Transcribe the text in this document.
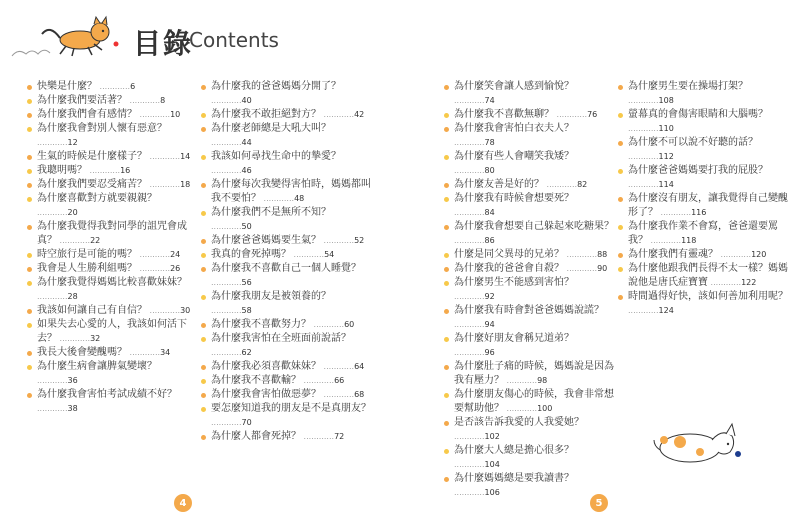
目錄
Contents
快樂是什麼？ ............6
為什麼我們要活著？ ............8
為什麼我們會有感情？ ............10
為什麼我會對別人懷有惡意？ ............12
生氣的時候是什麼樣子？ ............14
我聰明嗎？ ............16
為什麼我們要忍受痛苦？ ............18
為什麼喜歡對方就要親親？ ............20
為什麼我覺得我對同學的詛咒會成真？ ............22
時空旅行是可能的嗎？ ............24
我會是人生勝利組嗎？ ............26
為什麼我覺得媽媽比較喜歡妹妹？ ............28
我該如何讓自己有自信？ ............30
如果失去心愛的人，我該如何活下去？ ............32
我長大後會變醜嗎？ ............34
為什麼生病會讓脾氣變壞？ ............36
為什麼我會害怕考試成績不好？ ............38
為什麼我的爸爸媽媽分開了？ ............40
為什麼我不敢拒絕對方？ ............42
為什麼老師總是大吼大叫？ ............44
我該如何尋找生命中的摯愛？ ............46
為什麼每次我變得害怕時，媽媽都叫我不要怕？ ............48
為什麼我們不是無所不知？ ............50
為什麼爸爸媽媽要生氣？ ............52
我真的會死掉嗎？ ............54
為什麼我不喜歡自己一個人睡覺？ ............56
為什麼我朋友是被領養的？ ............58
為什麼我不喜歡努力？ ............60
為什麼我害怕在全班面前說話？ ............62
為什麼我必須喜歡妹妹？ ............64
為什麼我不喜歡輸？ ............66
為什麼我會害怕做惡夢？ ............68
要怎麼知道我的朋友是不是真朋友？ ............70
為什麼人都會死掉？ ............72
為什麼笑會讓人感到愉悅？ ............74
為什麼我不喜歡無聊？ ............76
為什麼我會害怕白衣夫人？ ............78
為什麼有些人會嘲笑我矮？ ............80
為什麼友善是好的？ ............82
為什麼我有時候會想要死？ ............84
為什麼我會想要自己躲起來吃糖果？ ............86
什麼是同父異母的兄弟？ ............88
為什麼我的爸爸會自殺？ ............90
為什麼男生不能感到害怕？ ............92
為什麼我有時會對爸爸媽媽說謊？ ............94
為什麼好朋友會稱兄道弟？ ............96
為什麼肚子痛的時候，媽媽說是因為我有壓力？ ............98
為什麼朋友傷心的時候，我會非常想要幫助他？ ............100
是否該告訴我愛的人我愛她？ ............102
為什麼大人總是擔心很多？ ............104
為什麼媽媽總是要我讀書？ ............106
為什麼男生要在操場打架？ ............108
螢幕真的會傷害眼睛和大腦嗎？ ............110
為什麼不可以說不好聽的話？ ............112
為什麼爸爸媽媽要打我的屁股？ ............114
為什麼沒有朋友，讓我覺得自己變醜形了？ ............116
為什麼我作業不會寫，爸爸還要罵我？ ............118
為什麼我們有靈魂？ ............120
為什麼他跟我們長得不太一樣？媽媽說他是唐氏症寶寶 ............122
時間過得好快，該如何善加利用呢？ ............124
4	5
